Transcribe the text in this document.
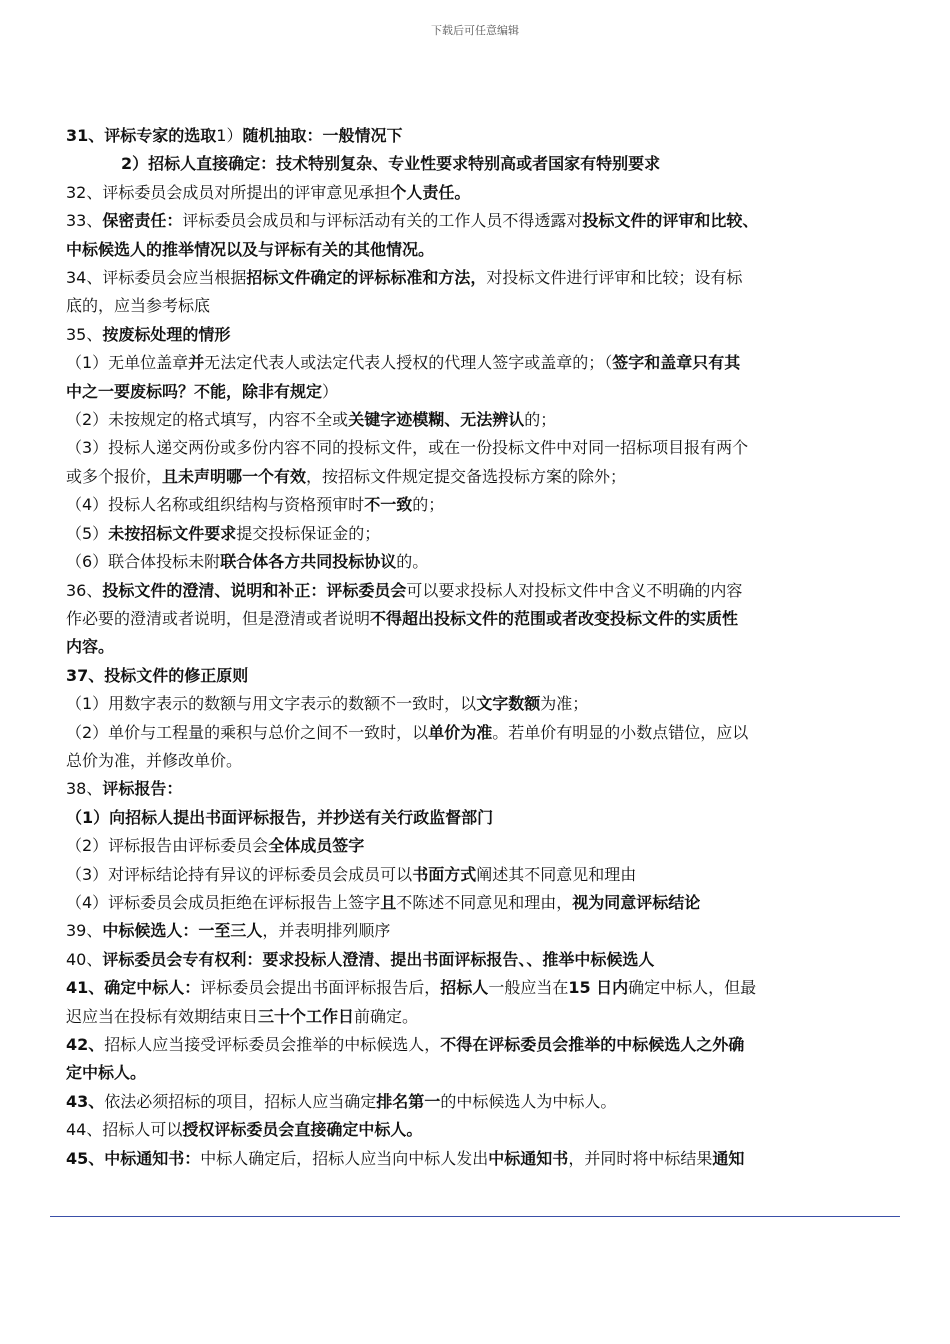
下载后可任意编辑
31、评标专家的选取1）随机抽取：一般情况下
2）招标人直接确定：技术特别复杂、专业性要求特别高或者国家有特别要求
32、评标委员会成员对所提出的评审意见承担个人责任。
33、保密责任：评标委员会成员和与评标活动有关的工作人员不得透露对投标文件的评审和比较、
中标候选人的推举情况以及与评标有关的其他情况。
34、评标委员会应当根据招标文件确定的评标标准和方法，对投标文件进行评审和比较；设有标
底的，应当参考标底
35、按废标处理的情形
（1）无单位盖章并无法定代表人或法定代表人授权的代理人签字或盖章的；（签字和盖章只有其
中之一要废标吗？不能，除非有规定）
（2）未按规定的格式填写，内容不全或关键字迹模糊、无法辨认的；
（3）投标人递交两份或多份内容不同的投标文件，或在一份投标文件中对同一招标项目报有两个
或多个报价，且未声明哪一个有效，按招标文件规定提交备选投标方案的除外；
（4）投标人名称或组织结构与资格预审时不一致的；
（5）未按招标文件要求提交投标保证金的；
（6）联合体投标未附联合体各方共同投标协议的。
36、投标文件的澄清、说明和补正：评标委员会可以要求投标人对投标文件中含义不明确的内容
作必要的澄清或者说明，但是澄清或者说明不得超出投标文件的范围或者改变投标文件的实质性
内容。
37、投标文件的修正原则
（1）用数字表示的数额与用文字表示的数额不一致时，以文字数额为准；
（2）单价与工程量的乘积与总价之间不一致时，以单价为准。若单价有明显的小数点错位，应以
总价为准，并修改单价。
38、评标报告：
（1）向招标人提出书面评标报告，并抄送有关行政监督部门
（2）评标报告由评标委员会全体成员签字
（3）对评标结论持有异议的评标委员会成员可以书面方式阐述其不同意见和理由
（4）评标委员会成员拒绝在评标报告上签字且不陈述不同意见和理由，视为同意评标结论
39、中标候选人：一至三人，并表明排列顺序
40、评标委员会专有权利：要求投标人澄清、提出书面评标报告、、推举中标候选人
41、确定中标人：评标委员会提出书面评标报告后，招标人一般应当在15 日内确定中标人，但最
迟应当在投标有效期结束日三十个工作日前确定。
42、招标人应当接受评标委员会推举的中标候选人，不得在评标委员会推举的中标候选人之外确
定中标人。
43、依法必须招标的项目，招标人应当确定排名第一的中标候选人为中标人。
44、招标人可以授权评标委员会直接确定中标人。
45、中标通知书：中标人确定后，招标人应当向中标人发出中标通知书，并同时将中标结果通知
